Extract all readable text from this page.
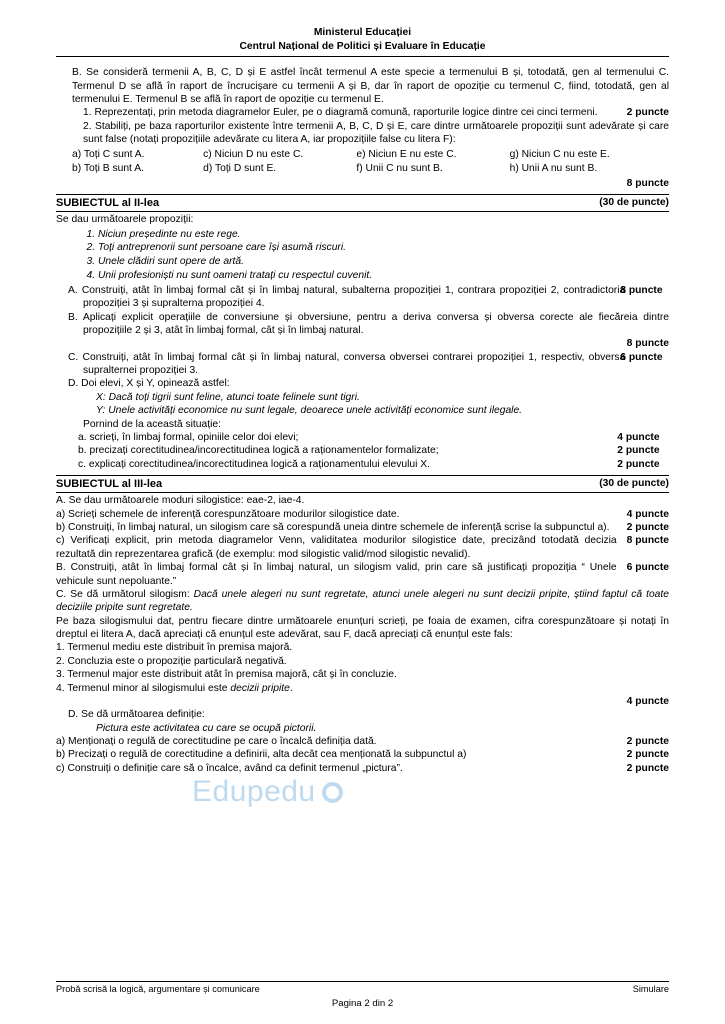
Ministerul Educației
Centrul Național de Politici și Evaluare în Educație

B. Se consideră termenii A, B, C, D și E astfel încât termenul A este specie a termenului B și, totodată, gen al termenului C. Termenul D se află în raport de încrucișare cu termenii A și B, dar în raport de opoziție cu termenul C, fiind, totodată, gen al termenului E. Termenul B se află în raport de opoziție cu termenul E.

2 puncte
1. Reprezentați, prin metoda diagramelor Euler, pe o diagramă comună, raporturile logice dintre cei cinci termeni.

2. Stabiliți, pe baza raporturilor existente între termenii A, B, C, D și E, care dintre următoarele propoziții sunt adevărate și care sunt false (notați propozițiile adevărate cu litera A, iar propozițiile false cu litera F):

a) Toți C sunt A.	c) Niciun D nu este C.	e) Niciun E nu este C.	g) Niciun C nu este E.
b) Toți B sunt A.	d) Toți D sunt E.	f) Unii C nu sunt B.	h) Unii A nu sunt B.

8 puncte

SUBIECTUL al II-lea	(30 de puncte)

Se dau următoarele propoziții:

1. Niciun președinte nu este rege.
2. Toți antreprenorii sunt persoane care își asumă riscuri.
3. Unele clădiri sunt opere de artă.
4. Unii profesioniști nu sunt oameni tratați cu respectul cuvenit.

8 puncte
A. Construiți, atât în limbaj formal cât și în limbaj natural, subalterna propoziției 1, contrara propoziției 2, contradictoria propoziției 3 și supralterna propoziției 4.

B. Aplicați explicit operațiile de conversiune și obversiune, pentru a deriva conversa și obversa corecte ale fiecăreia dintre propozițiile 2 și 3, atât în limbaj formal, cât și în limbaj natural.

8 puncte

6 puncte
C. Construiți, atât în limbaj formal cât și în limbaj natural, conversa obversei contrarei propoziției 1, respectiv, obversa supralternei propoziției 3.

D. Doi elevi, X și Y, opinează astfel:

X: Dacă toți tigrii sunt feline, atunci toate felinele sunt tigri.

Y: Unele activități economice nu sunt legale, deoarece unele activități economice sunt ilegale.

Pornind de la această situație:

4 puncte
a. scrieți, în limbaj formal, opiniile celor doi elevi;

2 puncte
b. precizați corectitudinea/incorectitudinea logică a raționamentelor formalizate;

2 puncte
c. explicați corectitudinea/incorectitudinea logică a raționamentului elevului X.

SUBIECTUL al III-lea	(30 de puncte)

A. Se dau următoarele moduri silogistice: eae-2, iae-4.

4 puncte
a) Scrieți schemele de inferență corespunzătoare modurilor silogistice date.

2 puncte
b) Construiți, în limbaj natural, un silogism care să corespundă uneia dintre schemele de inferență scrise la subpunctul a).

8 puncte
c) Verificați explicit, prin metoda diagramelor Venn, validitatea modurilor silogistice date, precizând totodată decizia rezultată din reprezentarea grafică (de exemplu: mod silogistic valid/mod silogistic nevalid).

6 puncte
B. Construiți, atât în limbaj formal cât și în limbaj natural, un silogism valid, prin care să justificați propoziția “ Unele vehicule sunt nepoluante.”

C. Se dă următorul silogism: Dacă unele alegeri nu sunt regretate, atunci unele alegeri nu sunt decizii pripite, știind faptul că toate deciziile pripite sunt regretate.

Pe baza silogismului dat, pentru fiecare dintre următoarele enunțuri scrieți, pe foaia de examen, cifra corespunzătoare și notați în dreptul ei litera A, dacă apreciați că enunțul este adevărat, sau F, dacă apreciați că enunțul este fals:

1. Termenul mediu este distribuit în premisa majoră.

2. Concluzia este o propoziție particulară negativă.

3. Termenul major este distribuit atât în premisa majoră, cât și în concluzie.

4. Termenul minor al silogismului este decizii pripite.

4 puncte

D. Se dă următoarea definiție:

Pictura este activitatea cu care se ocupă pictorii.

2 puncte
a) Menționați o regulă de corectitudine pe care o încalcă definiția dată.

2 puncte
b) Precizați o regulă de corectitudine a definirii, alta decât cea menționată la subpunctul a)

2 puncte
c) Construiți o definiție care să o încalce, având ca definit termenul „pictura”.

Edupedu
Probă scrisă la logică, argumentare și comunicare	Simulare
Pagina 2 din 2
